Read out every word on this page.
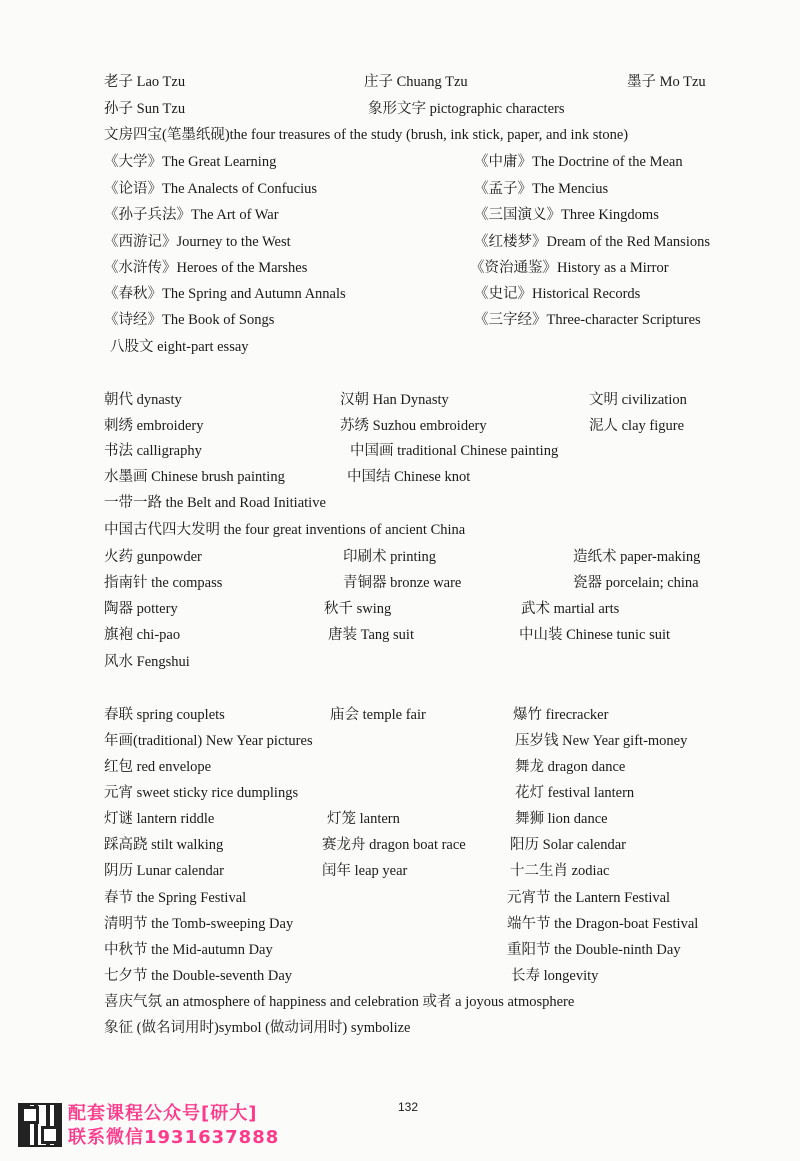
老子 Lao Tzu	庄子 Chuang Tzu	墨子 Mo Tzu
孙子 Sun Tzu	象形文字 pictographic characters
文房四宝(笔墨纸砚)the four treasures of the study (brush, ink stick, paper, and ink stone)
《大学》The Great Learning	《中庸》The Doctrine of the Mean
《论语》The Analects of Confucius	《孟子》The Mencius
《孙子兵法》The Art of War	《三国演义》Three Kingdoms
《西游记》Journey to the West	《红楼梦》Dream of the Red Mansions
《水浒传》Heroes of the Marshes	《资治通鉴》History as a Mirror
《春秋》The Spring and Autumn Annals	《史记》Historical Records
《诗经》The Book of Songs	《三字经》Three-character Scriptures
八股文 eight-part essay
朝代 dynasty	汉朝 Han Dynasty	文明 civilization
刺绣 embroidery	苏绣 Suzhou embroidery	泥人 clay figure
书法 calligraphy	中国画 traditional Chinese painting
水墨画 Chinese brush painting	中国结 Chinese knot
一带一路 the Belt and Road Initiative
中国古代四大发明 the four great inventions of ancient China
火药 gunpowder	印刷术 printing	造纸术 paper-making
指南针 the compass	青铜器 bronze ware	瓷器 porcelain; china
陶器 pottery	秋千 swing	武术 martial arts
旗袍 chi-pao	唐装 Tang suit	中山装 Chinese tunic suit
风水 Fengshui
春联 spring couplets	庙会 temple fair	爆竹 firecracker
年画(traditional) New Year pictures	压岁钱 New Year gift-money
红包 red envelope	舞龙 dragon dance
元宵 sweet sticky rice dumplings	花灯 festival lantern
灯谜 lantern riddle	灯笼 lantern	舞狮 lion dance
踩高跷 stilt walking	赛龙舟 dragon boat race	阳历 Solar calendar
阴历 Lunar calendar	闰年 leap year	十二生肖 zodiac
春节 the Spring Festival	元宵节 the Lantern Festival
清明节 the Tomb-sweeping Day	端午节 the Dragon-boat Festival
中秋节 the Mid-autumn Day	重阳节 the Double-ninth Day
七夕节 the Double-seventh Day	长寿 longevity
喜庆气氛 an atmosphere of happiness and celebration 或者 a joyous atmosphere
象征 (做名词用时)symbol (做动词用时) symbolize
132
配套课程公众号[研大]
联系微信1931637888
